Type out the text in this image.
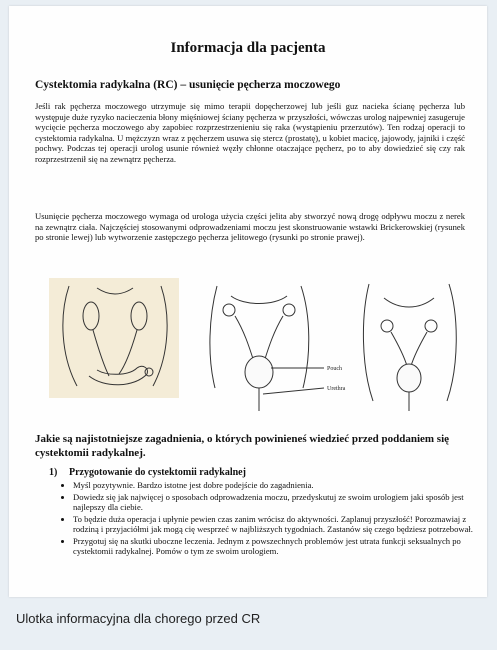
Informacja dla pacjenta
Cystektomia radykalna (RC) – usunięcie pęcherza moczowego
Jeśli rak pęcherza moczowego utrzymuje się mimo terapii dopęcherzowej lub jeśli guz nacieka ścianę pęcherza lub występuje duże ryzyko nacieczenia błony mięśniowej ściany pęcherza w przyszłości, wówczas urolog najpewniej zasugeruje wycięcie pęcherza moczowego aby zapobiec rozprzestrzenieniu się raka (wystąpieniu przerzutów). Ten rodzaj operacji to cystektomia radykalna. U mężczyzn wraz z pęcherzem usuwa się stercz (prostatę), u kobiet macicę, jajowody, jajniki i część pochwy. Podczas tej operacji urolog usunie również węzły chłonne otaczające pęcherz, po to aby dowiedzieć się czy rak rozprzestrzenił się na zewnątrz pęcherza.
Usunięcie pęcherza moczowego wymaga od urologa użycia części jelita aby stworzyć nową drogę odpływu moczu z nerek na zewnątrz ciała. Najczęściej stosowanymi odprowadzeniami moczu jest skonstruowanie wstawki Brickerowskiej (rysunek po stronie lewej) lub wytworzenie zastępczego pęcherza jelitowego (rysunki po stronie prawej).
Pouch
Urethra
Jakie są najistotniejsze zagadnienia, o których powinieneś wiedzieć przed poddaniem się cystektomii radykalnej.
1) Przygotowanie do cystektomii radykalnej
• Myśl pozytywnie. Bardzo istotne jest dobre podejście do zagadnienia.
• Dowiedz się jak najwięcej o sposobach odprowadzenia moczu, przedyskutuj ze swoim urologiem jaki sposób jest najlepszy dla ciebie.
• To będzie duża operacja i upłynie pewien czas zanim wrócisz do aktywności. Zaplanuj przyszłość! Porozmawiaj z rodziną i przyjaciółmi jak mogą cię wesprzeć w najbliższych tygodniach. Zastanów się czego będziesz potrzebował.
• Przygotuj się na skutki uboczne leczenia. Jednym z powszechnych problemów jest utrata funkcji seksualnych po cystektomii radykalnej. Pomów o tym ze swoim urologiem.
Ulotka informacyjna dla chorego przed CR
